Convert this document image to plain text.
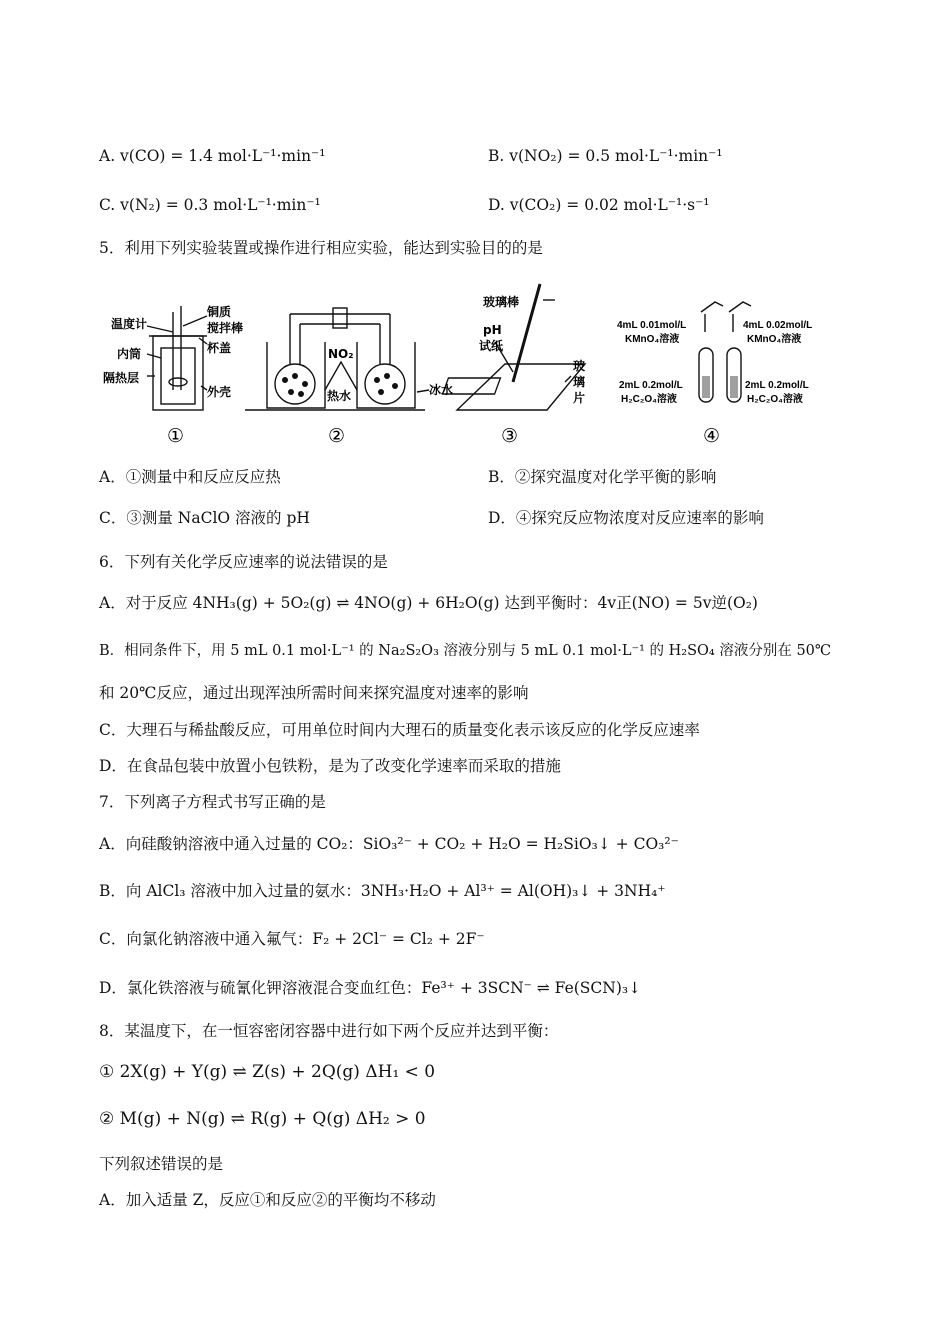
A. v(CO) = 1.4 mol·L⁻¹·min⁻¹	B. v(NO₂) = 0.5 mol·L⁻¹·min⁻¹
C. v(N₂) = 0.3 mol·L⁻¹·min⁻¹	D. v(CO₂) = 0.02 mol·L⁻¹·s⁻¹
5．利用下列实验装置或操作进行相应实验，能达到实验目的的是
温度计
铜质
搅拌棒
内筒	杯盖
隔热层
外壳
①
NO₂
热水	冰水
②
玻璃棒
pH
试纸
玻
璃
片
③
4mL 0.01mol/L
KMnO₄溶液
4mL 0.02mol/L
KMnO₄溶液
2mL 0.2mol/L
H₂C₂O₄溶液
2mL 0.2mol/L
H₂C₂O₄溶液
④
A．①测量中和反应反应热	B．②探究温度对化学平衡的影响
C．③测量 NaClO 溶液的 pH	D．④探究反应物浓度对反应速率的影响
6．下列有关化学反应速率的说法错误的是
A．对于反应 4NH₃(g) + 5O₂(g) ⇌ 4NO(g) + 6H₂O(g) 达到平衡时：4v正(NO) = 5v逆(O₂)
B．相同条件下，用 5 mL 0.1 mol·L⁻¹ 的 Na₂S₂O₃ 溶液分别与 5 mL 0.1 mol·L⁻¹ 的 H₂SO₄ 溶液分别在 50℃
和 20℃反应，通过出现浑浊所需时间来探究温度对速率的影响
C．大理石与稀盐酸反应，可用单位时间内大理石的质量变化表示该反应的化学反应速率
D．在食品包装中放置小包铁粉，是为了改变化学速率而采取的措施
7．下列离子方程式书写正确的是
A．向硅酸钠溶液中通入过量的 CO₂：SiO₃²⁻ + CO₂ + H₂O = H₂SiO₃↓ + CO₃²⁻
B．向 AlCl₃ 溶液中加入过量的氨水：3NH₃·H₂O + Al³⁺ = Al(OH)₃↓ + 3NH₄⁺
C．向氯化钠溶液中通入氟气：F₂ + 2Cl⁻ = Cl₂ + 2F⁻
D．氯化铁溶液与硫氰化钾溶液混合变血红色：Fe³⁺ + 3SCN⁻ ⇌ Fe(SCN)₃↓
8．某温度下，在一恒容密闭容器中进行如下两个反应并达到平衡：
① 2X(g) + Y(g) ⇌ Z(s) + 2Q(g) ΔH₁ < 0
② M(g) + N(g) ⇌ R(g) + Q(g) ΔH₂ > 0
下列叙述错误的是
A．加入适量 Z，反应①和反应②的平衡均不移动
